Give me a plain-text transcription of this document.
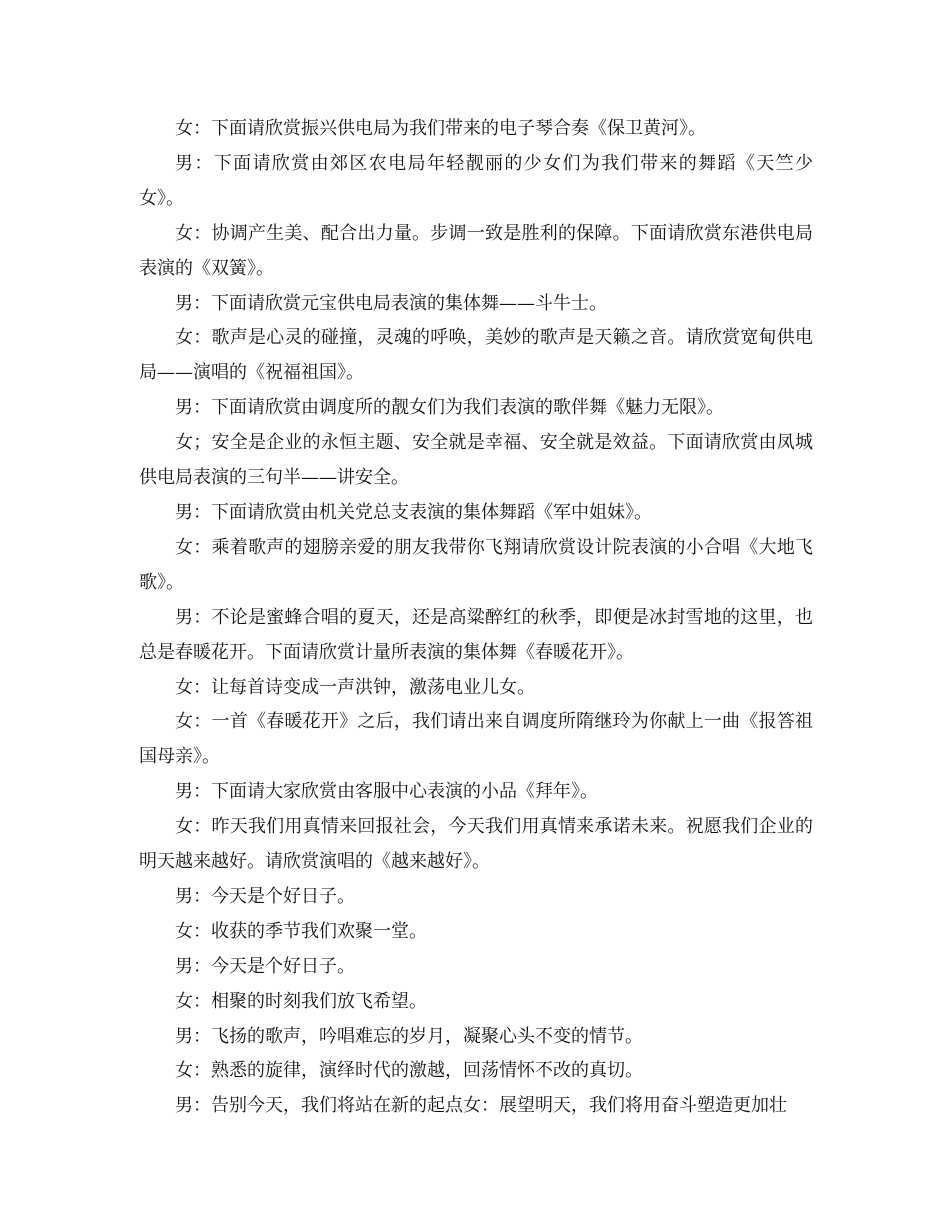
女：下面请欣赏振兴供电局为我们带来的电子琴合奏《保卫黄河》。

男：下面请欣赏由郊区农电局年轻靓丽的少女们为我们带来的舞蹈《天竺少女》。

女：协调产生美、配合出力量。步调一致是胜利的保障。下面请欣赏东港供电局表演的《双簧》。

男：下面请欣赏元宝供电局表演的集体舞——斗牛士。

女：歌声是心灵的碰撞，灵魂的呼唤，美妙的歌声是天籁之音。请欣赏宽甸供电局——演唱的《祝福祖国》。

男：下面请欣赏由调度所的靓女们为我们表演的歌伴舞《魅力无限》。

女；安全是企业的永恒主题、安全就是幸福、安全就是效益。下面请欣赏由凤城供电局表演的三句半——讲安全。

男：下面请欣赏由机关党总支表演的集体舞蹈《军中姐妹》。

女：乘着歌声的翅膀亲爱的朋友我带你飞翔请欣赏设计院表演的小合唱《大地飞歌》。

男：不论是蜜蜂合唱的夏天，还是高粱醉红的秋季，即便是冰封雪地的这里，也总是春暖花开。下面请欣赏计量所表演的集体舞《春暖花开》。

女：让每首诗变成一声洪钟，激荡电业儿女。

女：一首《春暖花开》之后，我们请出来自调度所隋继玲为你献上一曲《报答祖国母亲》。

男：下面请大家欣赏由客服中心表演的小品《拜年》。

女：昨天我们用真情来回报社会，今天我们用真情来承诺未来。祝愿我们企业的明天越来越好。请欣赏演唱的《越来越好》。

男：今天是个好日子。

女：收获的季节我们欢聚一堂。

男：今天是个好日子。

女：相聚的时刻我们放飞希望。

男：飞扬的歌声，吟唱难忘的岁月，凝聚心头不变的情节。

女：熟悉的旋律，演绎时代的激越，回荡情怀不改的真切。

男：告别今天，我们将站在新的起点女：展望明天，我们将用奋斗塑造更加壮
